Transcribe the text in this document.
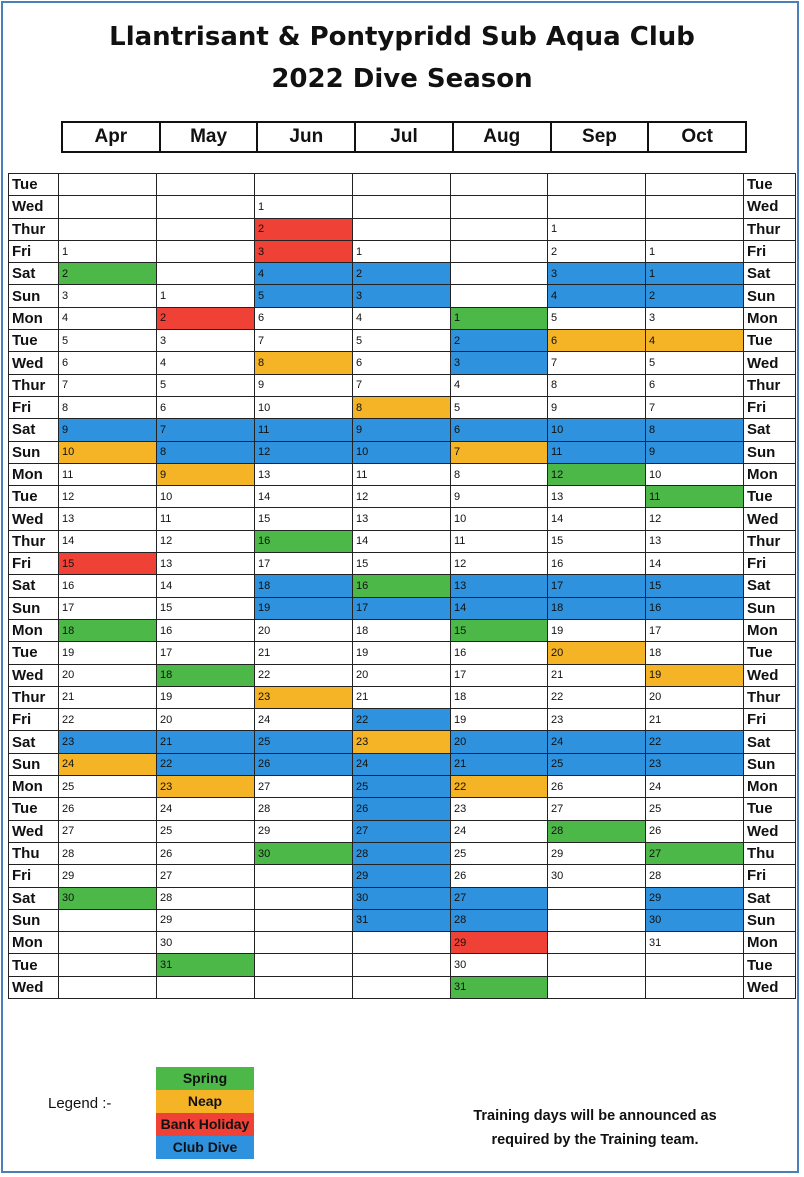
Llantrisant & Pontypridd Sub Aqua Club
2022 Dive Season
Apr	May	Jun	Jul	Aug	Sep	Oct
Tue								Tue
Wed			1					Wed
Thur			2			1		Thur
Fri	1		3	1		2	1	Fri
Sat	2		4	2		3	1	Sat
Sun	3	1	5	3		4	2	Sun
Mon	4	2	6	4	1	5	3	Mon
Tue	5	3	7	5	2	6	4	Tue
Wed	6	4	8	6	3	7	5	Wed
Thur	7	5	9	7	4	8	6	Thur
Fri	8	6	10	8	5	9	7	Fri
Sat	9	7	11	9	6	10	8	Sat
Sun	10	8	12	10	7	11	9	Sun
Mon	11	9	13	11	8	12	10	Mon
Tue	12	10	14	12	9	13	11	Tue
Wed	13	11	15	13	10	14	12	Wed
Thur	14	12	16	14	11	15	13	Thur
Fri	15	13	17	15	12	16	14	Fri
Sat	16	14	18	16	13	17	15	Sat
Sun	17	15	19	17	14	18	16	Sun
Mon	18	16	20	18	15	19	17	Mon
Tue	19	17	21	19	16	20	18	Tue
Wed	20	18	22	20	17	21	19	Wed
Thur	21	19	23	21	18	22	20	Thur
Fri	22	20	24	22	19	23	21	Fri
Sat	23	21	25	23	20	24	22	Sat
Sun	24	22	26	24	21	25	23	Sun
Mon	25	23	27	25	22	26	24	Mon
Tue	26	24	28	26	23	27	25	Tue
Wed	27	25	29	27	24	28	26	Wed
Thu	28	26	30	28	25	29	27	Thu
Fri	29	27		29	26	30	28	Fri
Sat	30	28		30	27		29	Sat
Sun		29		31	28		30	Sun
Mon		30			29		31	Mon
Tue		31			30			Tue
Wed					31			Wed
Legend :-
Spring
Neap
Bank Holiday
Club Dive
Training days will be announced as
required by the Training team.
